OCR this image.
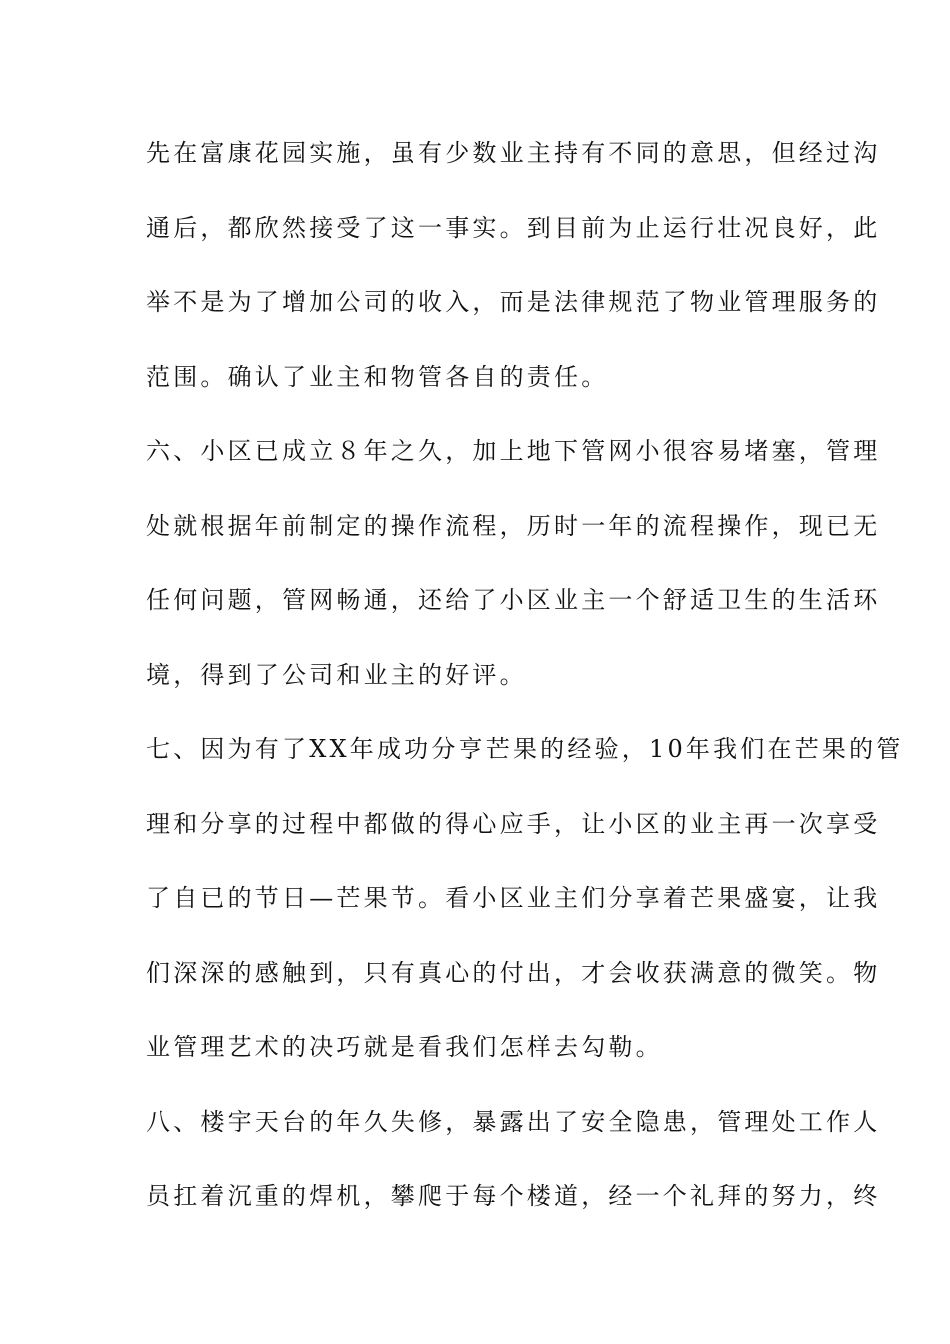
先在富康花园实施，虽有少数业主持有不同的意思，但经过沟
通后，都欣然接受了这一事实。到目前为止运行壮况良好，此
举不是为了增加公司的收入，而是法律规范了物业管理服务的
范围。确认了业主和物管各自的责任。
六、小区已成立８年之久，加上地下管网小很容易堵塞，管理
处就根据年前制定的操作流程，历时一年的流程操作，现已无
任何问题，管网畅通，还给了小区业主一个舒适卫生的生活环
境，得到了公司和业主的好评。
七、因为有了XX年成功分亨芒果的经验，10年我们在芒果的管
理和分享的过程中都做的得心应手，让小区的业主再一次享受
了自已的节日—芒果节。看小区业主们分享着芒果盛宴，让我
们深深的感触到，只有真心的付出，才会收获满意的微笑。物
业管理艺术的决巧就是看我们怎样去勾勒。
八、楼宇天台的年久失修，暴露出了安全隐患，管理处工作人
员扛着沉重的焊机，攀爬于每个楼道，经一个礼拜的努力，终
